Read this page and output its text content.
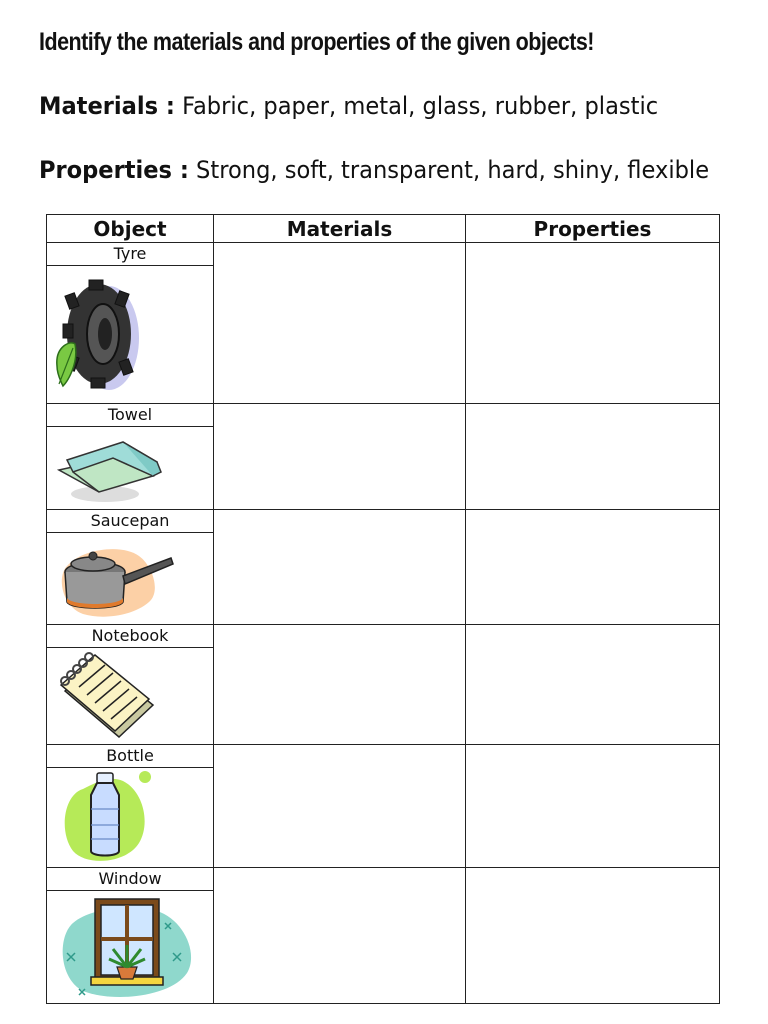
Identify the materials and properties of the given objects!
Materials : Fabric, paper, metal, glass, rubber, plastic
Properties : Strong, soft, transparent, hard, shiny, flexible
Object	Materials	Properties

Tyre		

Towel		

Saucepan		

Notebook		

Bottle		

Window		
